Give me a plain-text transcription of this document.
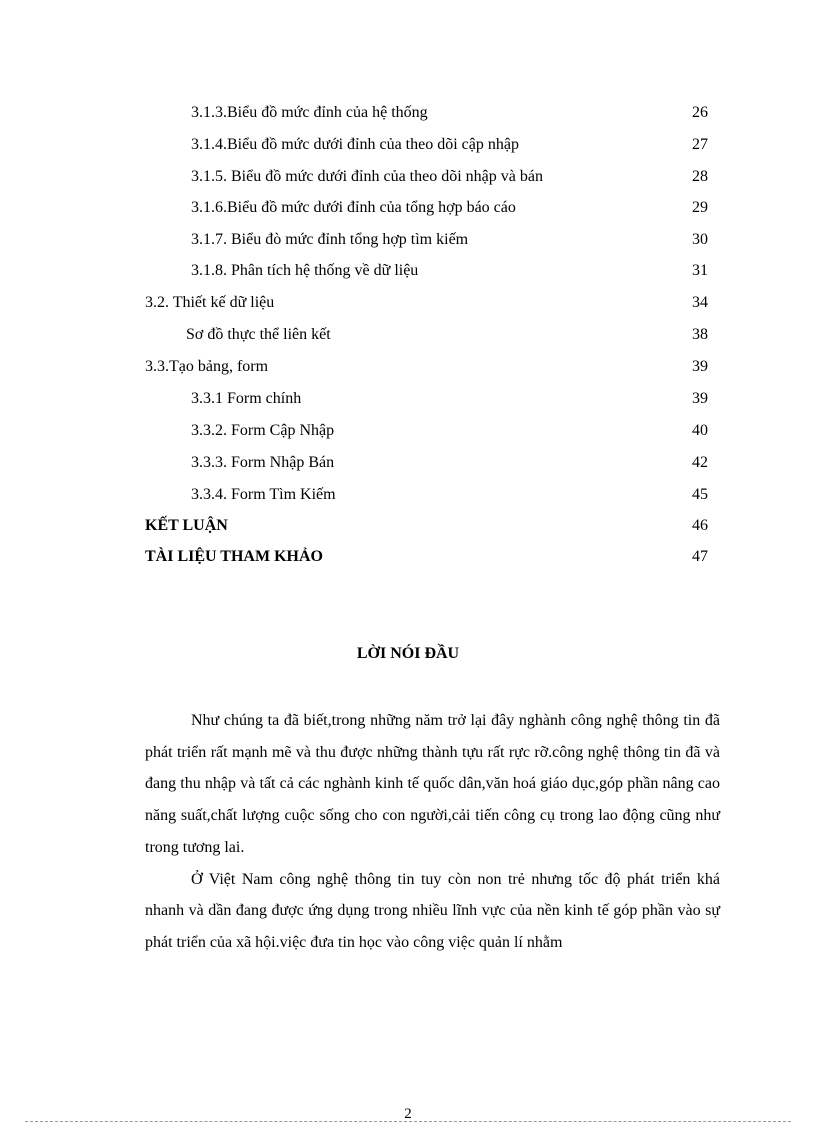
3.1.3.Biểu đồ mức đỉnh của hệ thống	26
3.1.4.Biểu đồ mức dưới đỉnh của theo dõi cập nhập	27
3.1.5. Biểu đồ mức dưới đỉnh của theo dõi nhập và bán	28
3.1.6.Biểu đồ mức dưới đỉnh của tổng hợp báo cáo	29
3.1.7. Biểu đò mức đỉnh tổng hợp tìm kiếm	30
3.1.8. Phân tích hệ thống về dữ liệu	31
3.2. Thiết kế dữ liệu	34
Sơ đồ thực thể liên kết	38
3.3.Tạo bảng, form	39
3.3.1 Form chính	39
3.3.2. Form Cập Nhập	40
3.3.3. Form Nhập Bán	42
3.3.4. Form Tìm Kiếm	45
KẾT LUẬN	46
TÀI LIỆU THAM KHẢO	47
LỜI NÓI ĐẦU

Như chúng ta đã biết,trong những năm trở lại đây nghành công nghệ thông tin đã phát triển rất mạnh mẽ và thu được những thành tựu rất rực rỡ.công nghệ thông tin đã và đang thu nhập và tất cả các nghành kinh tế quốc dân,văn hoá giáo dục,góp phần nâng cao năng suất,chất lượng cuộc sống cho con người,cải tiến công cụ trong lao động cũng như trong tương lai.

Ở Việt Nam công nghệ thông tin tuy còn non trẻ nhưng tốc độ phát triển khá nhanh và dần đang được ứng dụng trong nhiều lĩnh vực của nền kinh tế góp phần vào sự phát triển của xã hội.việc đưa tin học vào công việc quản lí nhằm

2
